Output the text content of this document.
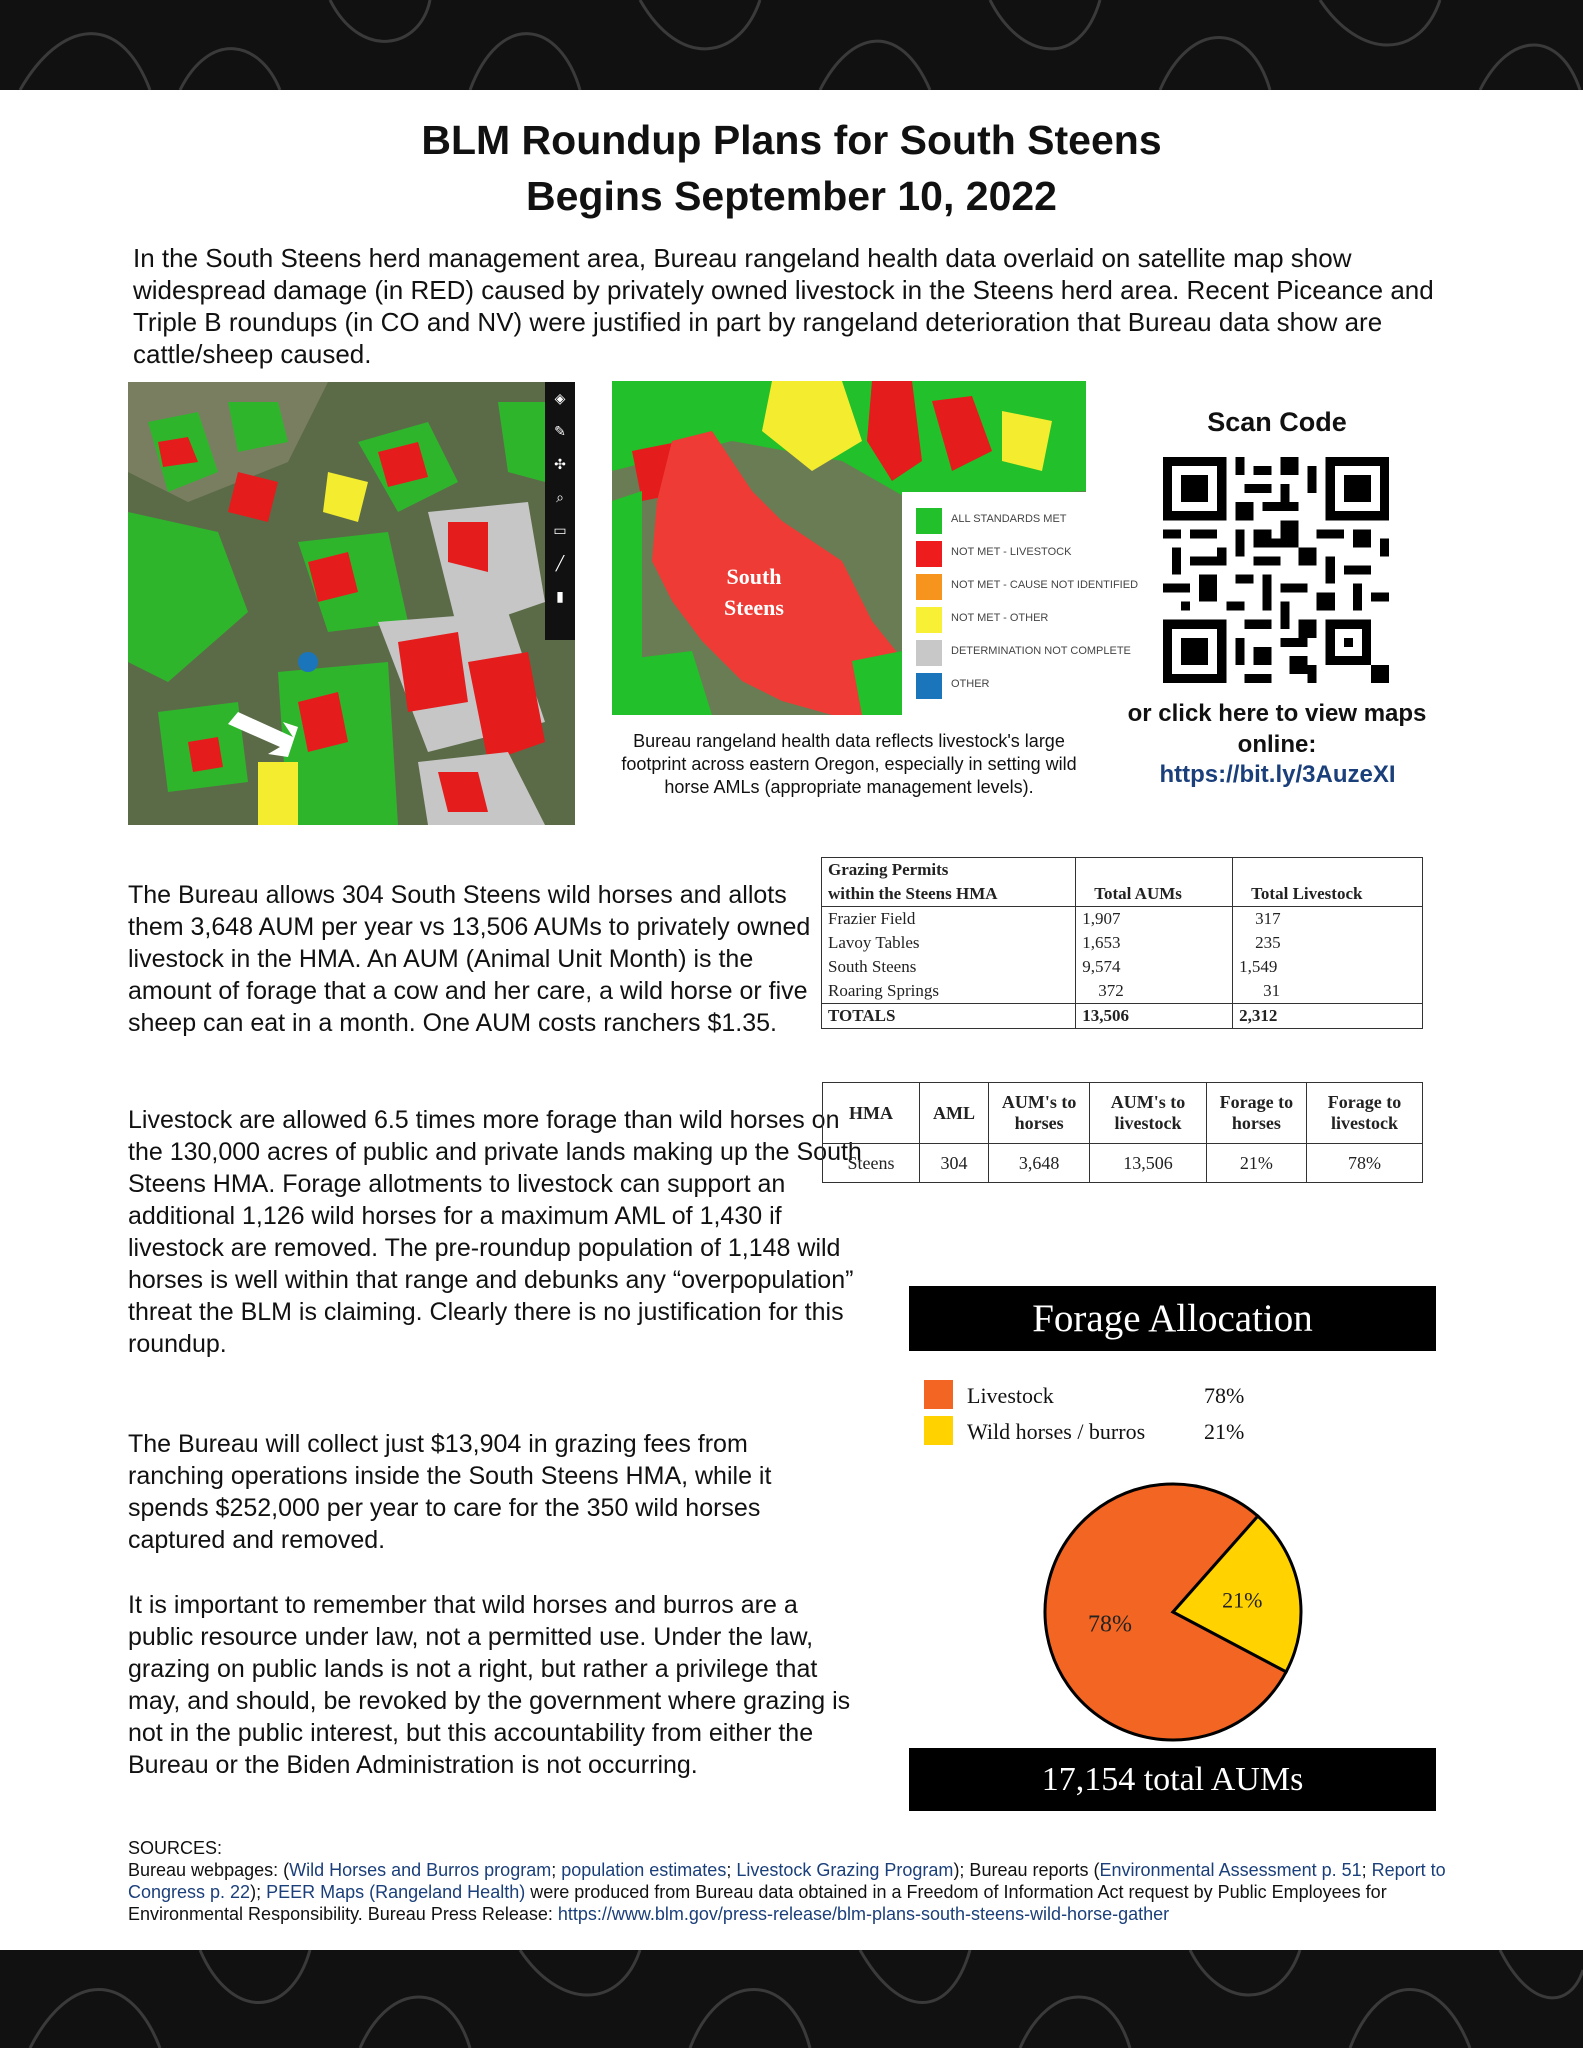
BLM Roundup Plans for South Steens
Begins September 10, 2022

In the South Steens herd management area, Bureau rangeland health data overlaid on satellite map show widespread damage (in RED) caused by privately owned livestock in the Steens herd area. Recent Piceance and Triple B roundups (in CO and NV) were justified in part by rangeland deterioration that Bureau data show are cattle/sheep caused.

◈
✎
✣
⌕
▭
╱
▮
South
Steens
ALL STANDARDS MET
NOT MET - LIVESTOCK
NOT MET - CAUSE NOT IDENTIFIED
NOT MET - OTHER
DETERMINATION NOT COMPLETE
OTHER

Bureau rangeland health data reflects livestock's large footprint across eastern Oregon, especially in setting wild horse AMLs (appropriate management levels).

Scan Code

or click here to view maps online:

https://bit.ly/3AuzeXI

The Bureau allows 304 South Steens wild horses and allots them 3,648 AUM per year vs 13,506 AUMs to privately owned livestock in the HMA. An AUM (Animal Unit Month) is the amount of forage that a cow and her care, a wild horse or five sheep can eat in a month. One AUM costs ranchers $1.35.

Livestock are allowed 6.5 times more forage than wild horses on the 130,000 acres of public and private lands making up the South Steens HMA. Forage allotments to livestock can support an additional 1,126 wild horses for a maximum AML of 1,430 if livestock are removed. The pre-roundup population of 1,148 wild horses is well within that range and debunks any “overpopulation” threat the BLM is claiming. Clearly there is no justification for this roundup.

The Bureau will collect just $13,904 in grazing fees from ranching operations inside the South Steens HMA, while it spends $252,000 per year to care for the 350 wild horses captured and removed.

It is important to remember that wild horses and burros are a public resource under law, not a permitted use. Under the law, grazing on public lands is not a right, but rather a privilege that may, and should, be revoked by the government where grazing is not in the public interest, but this accountability from either the Bureau or the Biden Administration is not occurring.

Grazing Permits
within the Steens HMA	Total AUMs	Total Livestock
Frazier Field	1,907	317
Lavoy Tables	1,653	235
South Steens	9,574	1,549
Roaring Springs	372	31
TOTALS	13,506	2,312
HMA	AML	AUM's to horses	AUM's to livestock	Forage to horses	Forage to livestock
Steens	304	3,648	13,506	21%	78%
Forage Allocation
Livestock	78%
Wild horses / burros	21%
78%
21%
17,154 total AUMs
SOURCES:
Bureau webpages: (Wild Horses and Burros program; population estimates; Livestock Grazing Program); Bureau reports (Environmental Assessment p. 51; Report to Congress p. 22); PEER Maps (Rangeland Health) were produced from Bureau data obtained in a Freedom of Information Act request by Public Employees for Environmental Responsibility. Bureau Press Release: https://www.blm.gov/press-release/blm-plans-south-steens-wild-horse-gather
